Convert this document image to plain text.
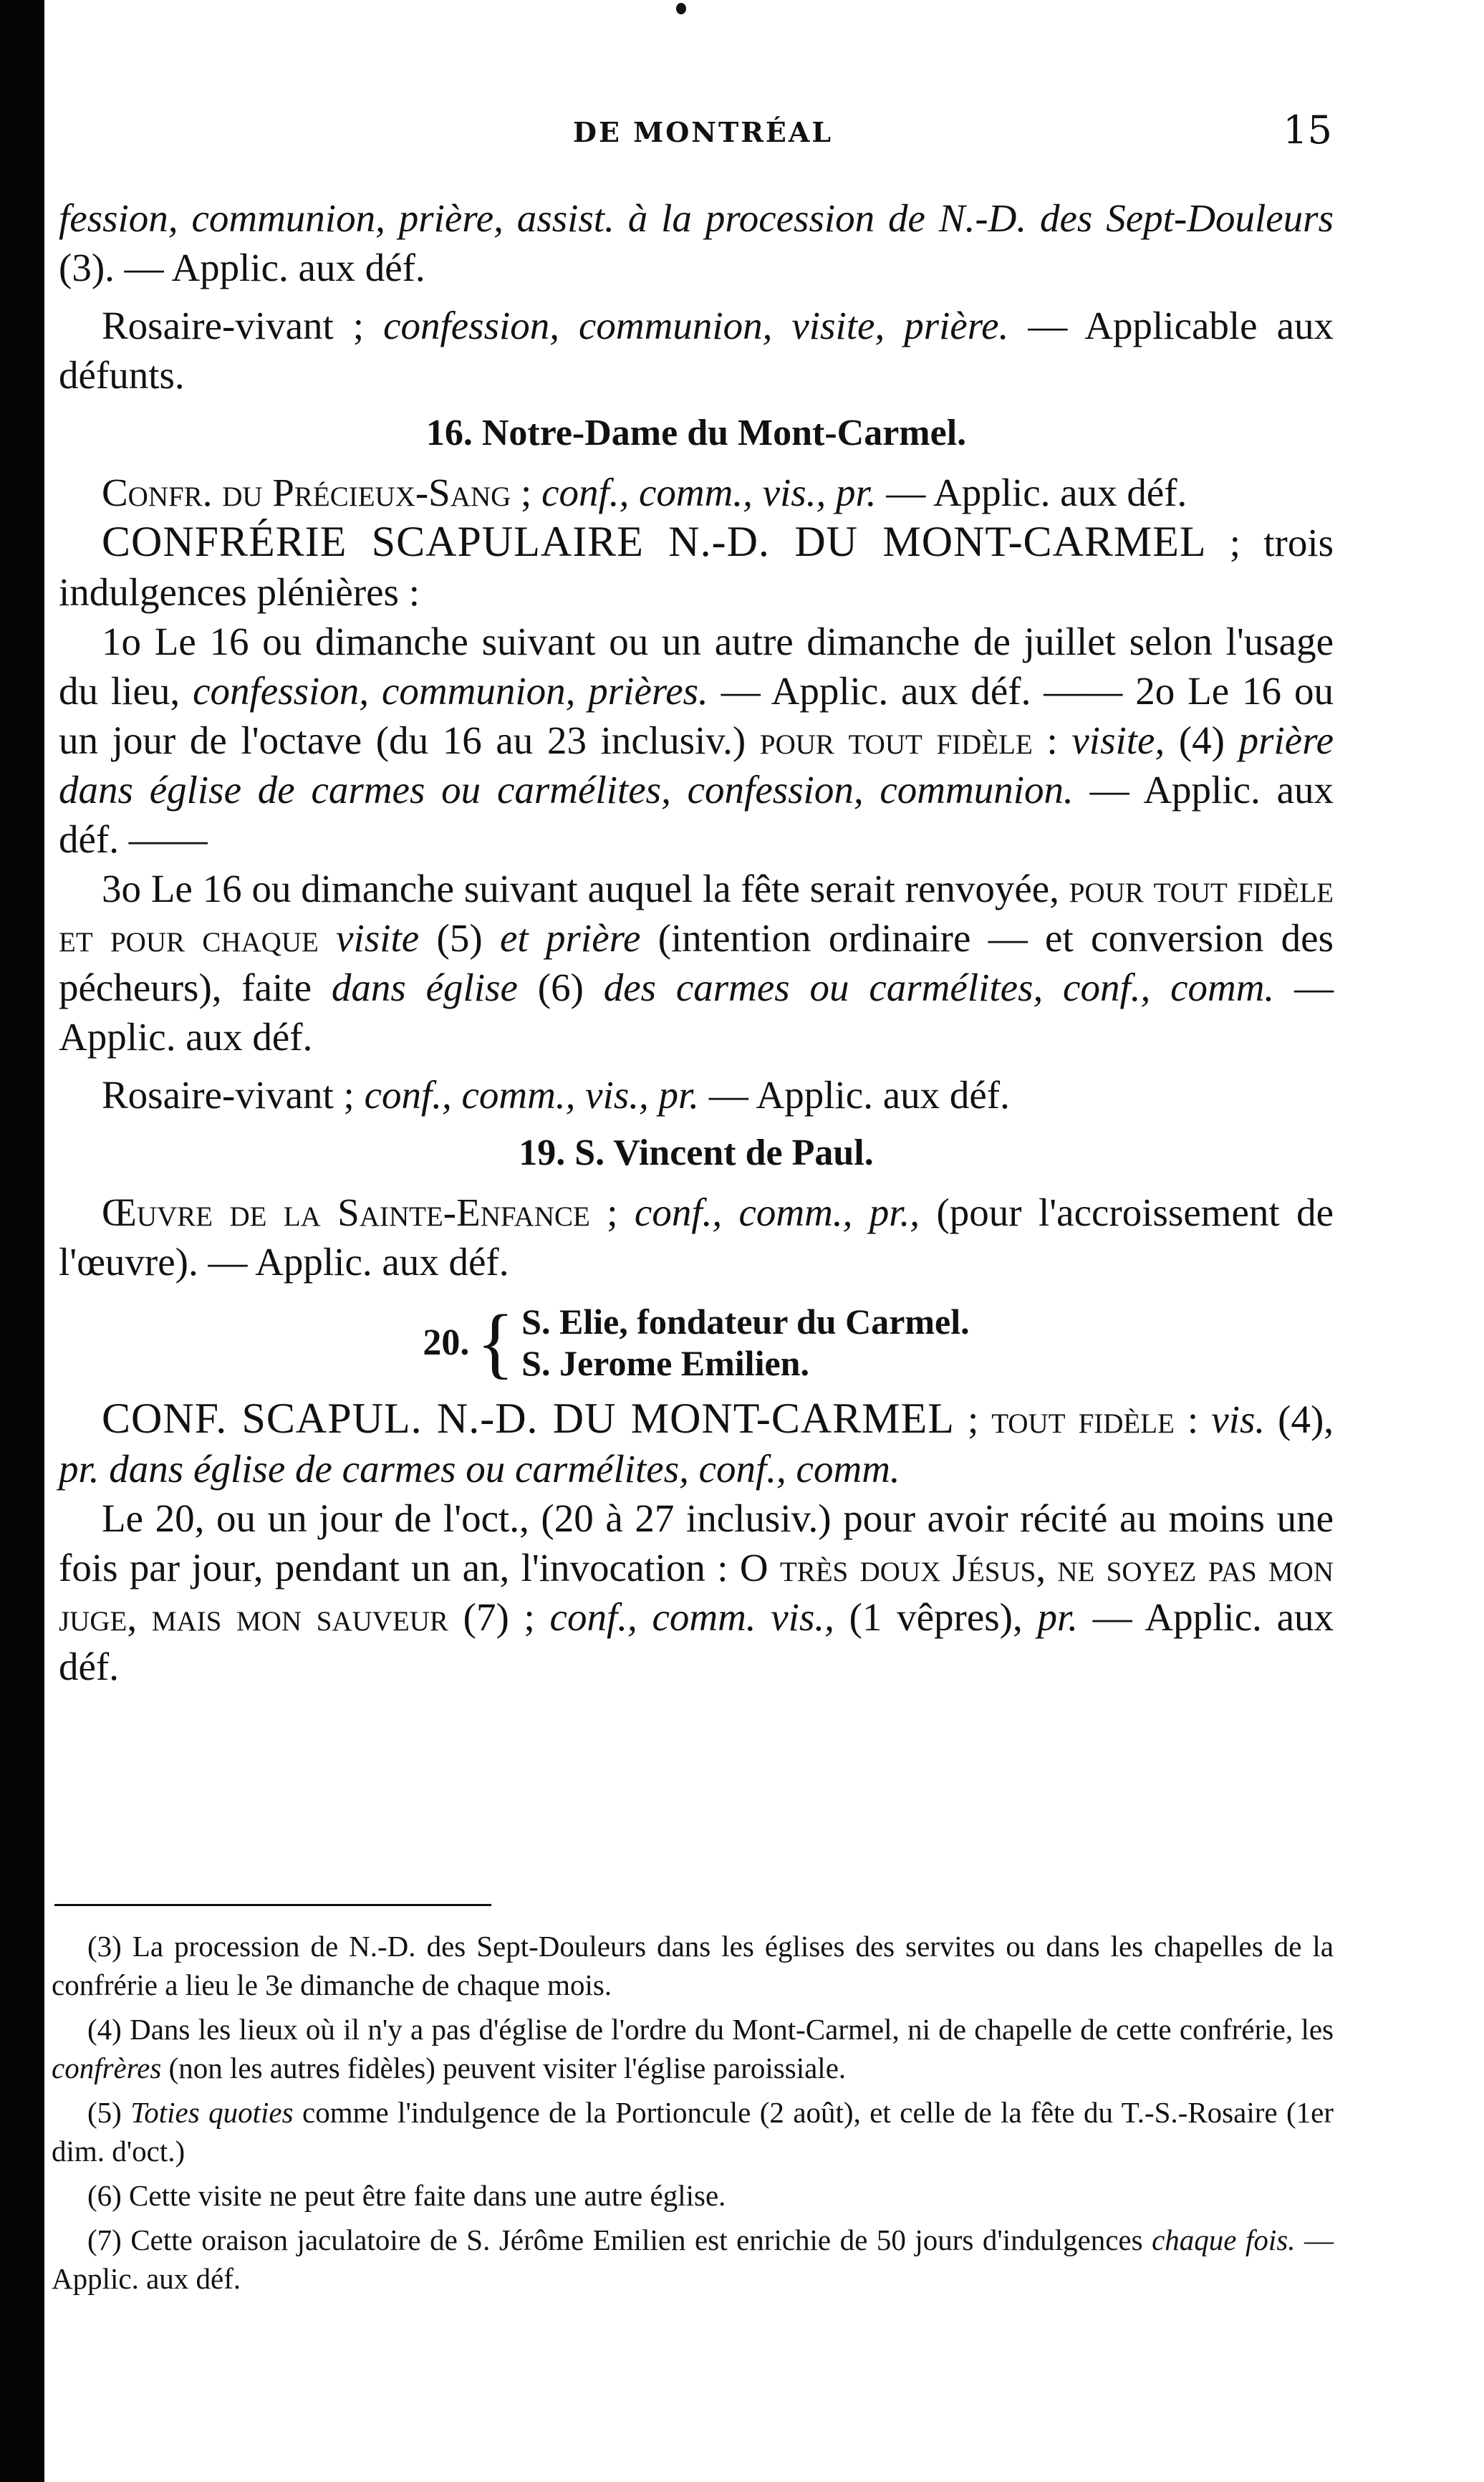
DE MONTRÉAL	15

fession, communion, prière, assist. à la procession de N.-D. des Sept-Douleurs (3). — Applic. aux déf.

Rosaire-vivant ; confession, communion, visite, prière. — Applicable aux défunts.

16. Notre-Dame du Mont-Carmel.

Confr. du Précieux-Sang ; conf., comm., vis., pr. — Applic. aux déf.

CONFRÉRIE SCAPULAIRE N.-D. DU MONT-CARMEL ; trois indulgences plénières :

1o Le 16 ou dimanche suivant ou un autre dimanche de juillet selon l'usage du lieu, confession, communion, prières. — Applic. aux déf. —— 2o Le 16 ou un jour de l'octave (du 16 au 23 inclusiv.) pour tout fidèle : visite, (4) prière dans église de carmes ou carmélites, confession, communion. — Applic. aux déf. ——

3o Le 16 ou dimanche suivant auquel la fête serait renvoyée, pour tout fidèle et pour chaque visite (5) et prière (intention ordinaire — et conversion des pécheurs), faite dans église (6) des carmes ou carmélites, conf., comm. — Applic. aux déf.

Rosaire-vivant ; conf., comm., vis., pr. — Applic. aux déf.

19. S. Vincent de Paul.

Œuvre de la Sainte-Enfance ; conf., comm., pr., (pour l'accroissement de l'œuvre). — Applic. aux déf.

20. { S. Elie, fondateur du Carmel.
S. Jerome Emilien.

CONF. SCAPUL. N.-D. DU MONT-CARMEL ; tout fidèle : vis. (4), pr. dans église de carmes ou carmélites, conf., comm.

Le 20, ou un jour de l'oct., (20 à 27 inclusiv.) pour avoir récité au moins une fois par jour, pendant un an, l'invocation : O très doux Jésus, ne soyez pas mon juge, mais mon sauveur (7) ; conf., comm. vis., (1 vêpres), pr. — Applic. aux déf.

(3) La procession de N.-D. des Sept-Douleurs dans les églises des servites ou dans les chapelles de la confrérie a lieu le 3e dimanche de chaque mois.

(4) Dans les lieux où il n'y a pas d'église de l'ordre du Mont-Carmel, ni de chapelle de cette confrérie, les confrères (non les autres fidèles) peuvent visiter l'église paroissiale.

(5) Toties quoties comme l'indulgence de la Portioncule (2 août), et celle de la fête du T.-S.-Rosaire (1er dim. d'oct.)

(6) Cette visite ne peut être faite dans une autre église.

(7) Cette oraison jaculatoire de S. Jérôme Emilien est enrichie de 50 jours d'indulgences chaque fois. — Applic. aux déf.
